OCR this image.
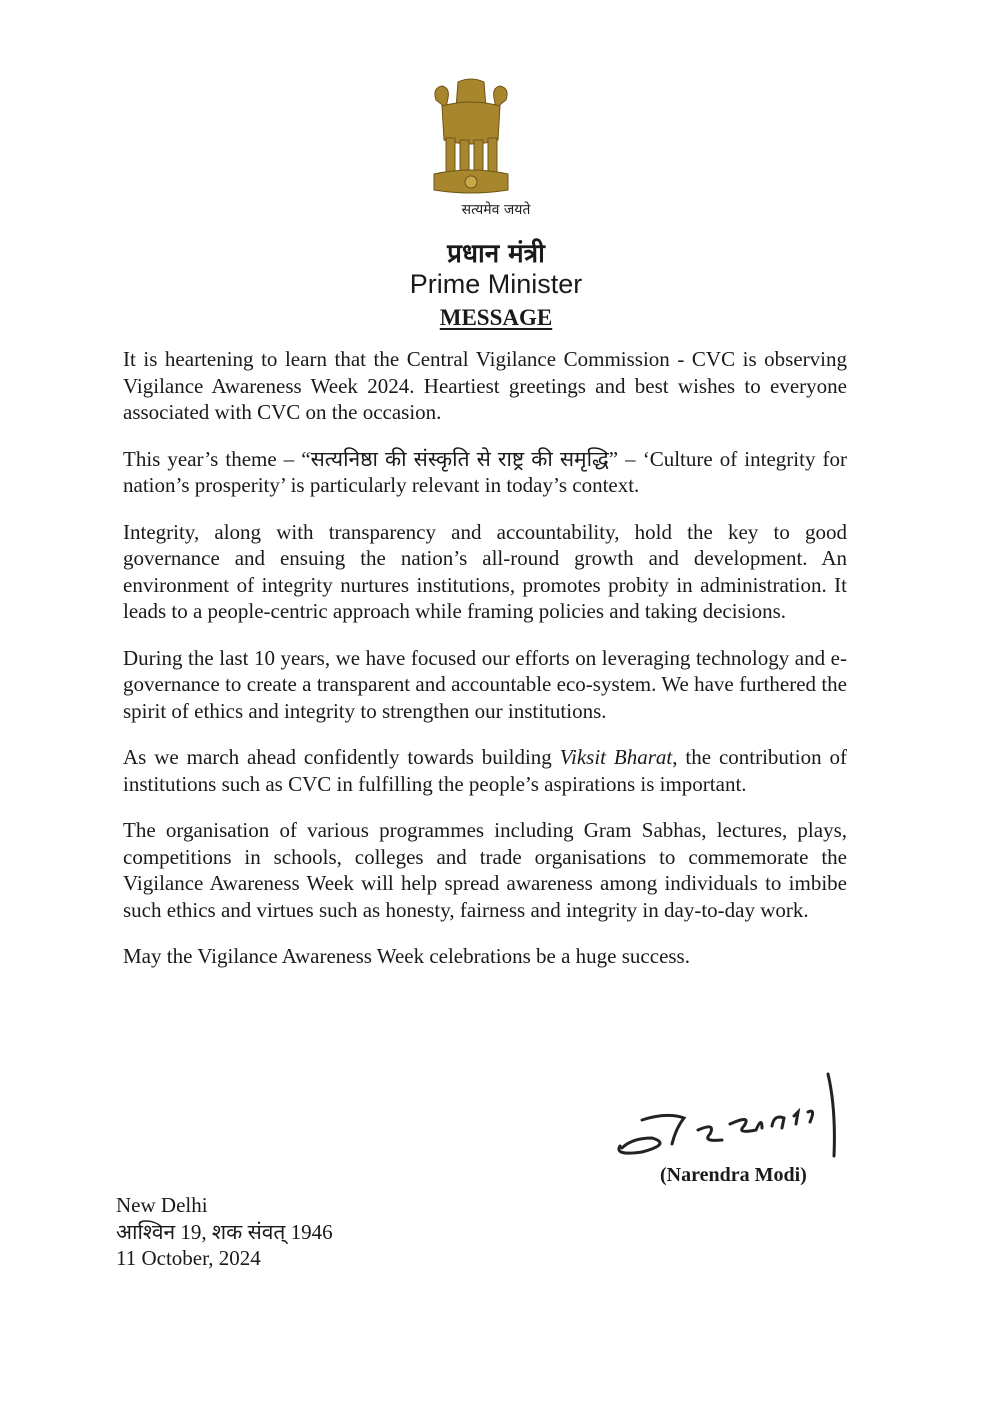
सत्यमेव जयते
प्रधान मंत्री
Prime Minister
MESSAGE

It is heartening to learn that the Central Vigilance Commission - CVC is observing Vigilance Awareness Week 2024. Heartiest greetings and best wishes to everyone associated with CVC on the occasion.

This year’s theme – “सत्यनिष्ठा की संस्कृति से राष्ट्र की समृद्धि” – ‘Culture of integrity for nation’s prosperity’ is particularly relevant in today’s context.

Integrity, along with transparency and accountability, hold the key to good governance and ensuing the nation’s all-round growth and development. An environment of integrity nurtures institutions, promotes probity in administration. It leads to a people-centric approach while framing policies and taking decisions.

During the last 10 years, we have focused our efforts on leveraging technology and e-governance to create a transparent and accountable eco-system. We have furthered the spirit of ethics and integrity to strengthen our institutions.

As we march ahead confidently towards building Viksit Bharat, the contribution of institutions such as CVC in fulfilling the people’s aspirations is important.

The organisation of various programmes including Gram Sabhas, lectures, plays, competitions in schools, colleges and trade organisations to commemorate the Vigilance Awareness Week will help spread awareness among individuals to imbibe such ethics and virtues such as honesty, fairness and integrity in day-to-day work.

May the Vigilance Awareness Week celebrations be a huge success.

(Narendra Modi)
New Delhi
आश्विन 19, शक संवत् 1946
11 October, 2024
